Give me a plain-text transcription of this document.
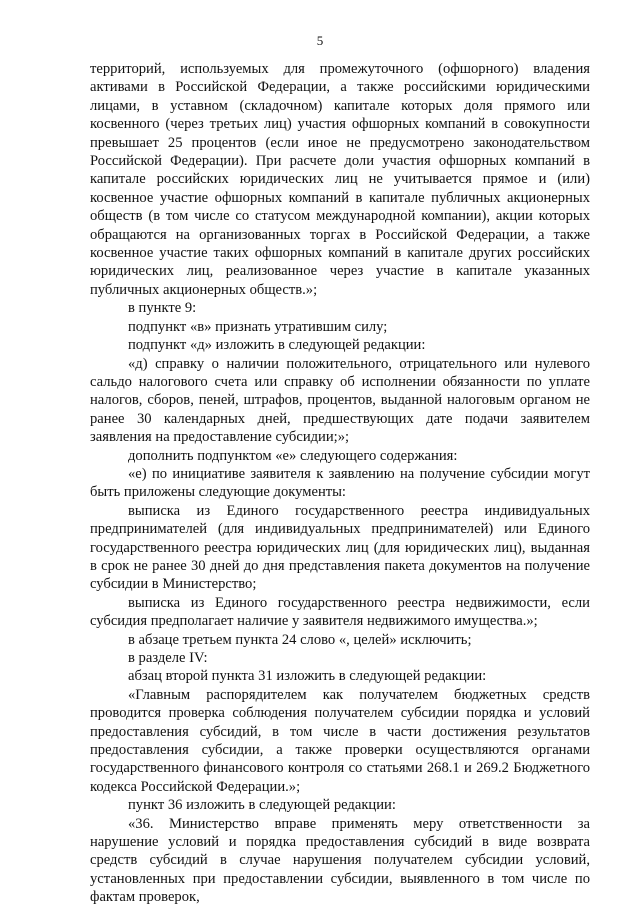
5

территорий, используемых для промежуточного (офшорного) владения активами в Российской Федерации, а также российскими юридическими лицами, в уставном (складочном) капитале которых доля прямого или косвенного (через третьих лиц) участия офшорных компаний в совокупности превышает 25 процентов (если иное не предусмотрено законодательством Российской Федерации). При расчете доли участия офшорных компаний в капитале российских юридических лиц не учитывается прямое и (или) косвенное участие офшорных компаний в капитале публичных акционерных обществ (в том числе со статусом международной компании), акции которых обращаются на организованных торгах в Российской Федерации, а также косвенное участие таких офшорных компаний в капитале других российских юридических лиц, реализованное через участие в капитале указанных публичных акционерных обществ.»;

в пункте 9:

подпункт «в» признать утратившим силу;

подпункт «д» изложить в следующей редакции:

«д) справку о наличии положительного, отрицательного или нулевого сальдо налогового счета или справку об исполнении обязанности по уплате налогов, сборов, пеней, штрафов, процентов, выданной налоговым органом не ранее 30 календарных дней, предшествующих дате подачи заявителем заявления на предоставление субсидии;»;

дополнить подпунктом «е» следующего содержания:

«е) по инициативе заявителя к заявлению на получение субсидии могут быть приложены следующие документы:

выписка из Единого государственного реестра индивидуальных предпринимателей (для индивидуальных предпринимателей) или Единого государственного реестра юридических лиц (для юридических лиц), выданная в срок не ранее 30 дней до дня представления пакета документов на получение субсидии в Министерство;

выписка из Единого государственного реестра недвижимости, если субсидия предполагает наличие у заявителя недвижимого имущества.»;

в абзаце третьем пункта 24 слово «, целей» исключить;

в разделе IV:

абзац второй пункта 31 изложить в следующей редакции:

«Главным распорядителем как получателем бюджетных средств проводится проверка соблюдения получателем субсидии порядка и условий предоставления субсидий, в том числе в части достижения результатов предоставления субсидии, а также проверки осуществляются органами государственного финансового контроля со статьями 268.1 и 269.2 Бюджетного кодекса Российской Федерации.»;

пункт 36 изложить в следующей редакции:

«36. Министерство вправе применять меру ответственности за нарушение условий и порядка предоставления субсидий в виде возврата средств субсидий в случае нарушения получателем субсидии условий, установленных при предоставлении субсидии, выявленного в том числе по фактам проверок,
